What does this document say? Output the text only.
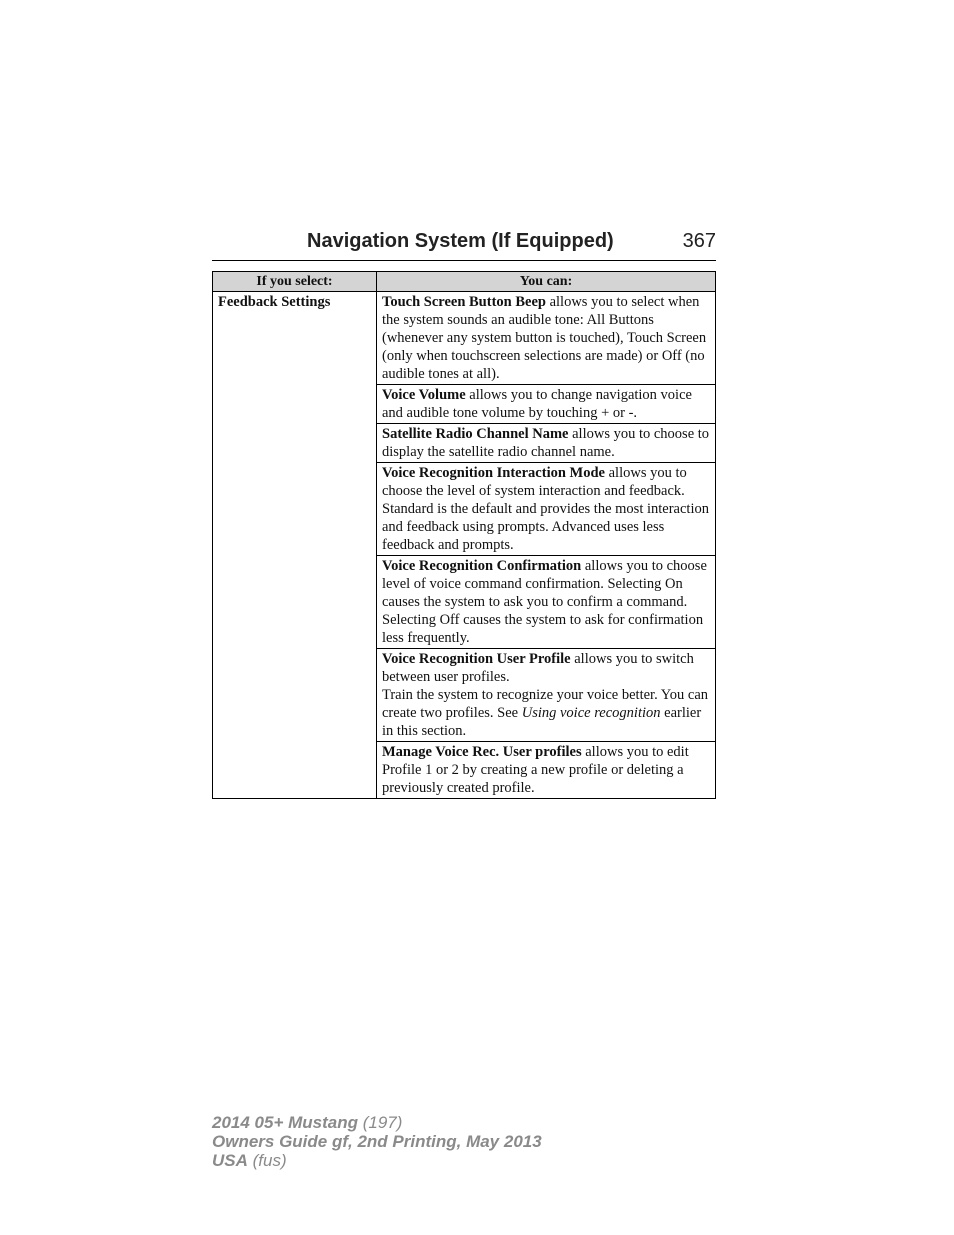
Navigation System (If Equipped)	367
If you select:	You can:
Feedback Settings	Touch Screen Button Beep allows you to select when the system sounds an audible tone: All Buttons (whenever any system button is touched), Touch Screen (only when touchscreen selections are made) or Off (no audible tones at all).
	Voice Volume allows you to change navigation voice and audible tone volume by touching + or -.
	Satellite Radio Channel Name allows you to choose to display the satellite radio channel name.
	Voice Recognition Interaction Mode allows you to choose the level of system interaction and feedback. Standard is the default and provides the most interaction and feedback using prompts. Advanced uses less feedback and prompts.
	Voice Recognition Confirmation allows you to choose level of voice command confirmation. Selecting On causes the system to ask you to confirm a command. Selecting Off causes the system to ask for confirmation less frequently.
	Voice Recognition User Profile allows you to switch between user profiles.
Train the system to recognize your voice better. You can create two profiles. See Using voice recognition earlier in this section.
	Manage Voice Rec. User profiles allows you to edit Profile 1 or 2 by creating a new profile or deleting a previously created profile.
2014 05+ Mustang (197)
Owners Guide gf, 2nd Printing, May 2013
USA (fus)
